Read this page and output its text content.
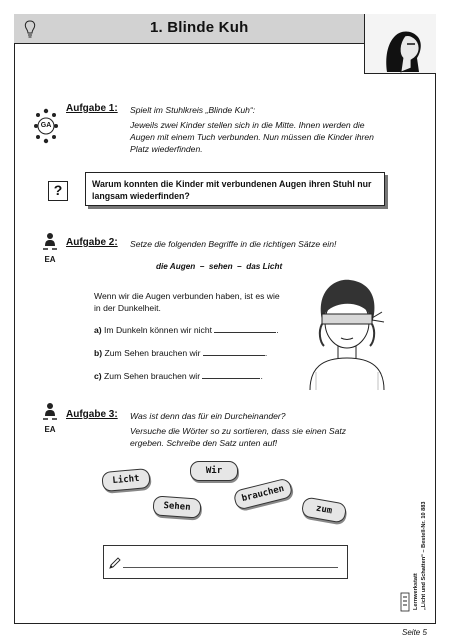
1. Blinde Kuh
GA
Aufgabe 1: Spielt im Stuhlkreis „Blinde Kuh“:
Jeweils zwei Kinder stellen sich in die Mitte. Ihnen werden die
Augen mit einem Tuch verbunden. Nun müssen die Kinder ihren
Platz wiederfinden.
?	Warum konnten die Kinder mit verbundenen Augen ihren Stuhl nur
langsam wiederfinden?
EA
Aufgabe 2: Setze die folgenden Begriffe in die richtigen Sätze ein!
die Augen  –  sehen  –  das Licht
Wenn wir die Augen verbunden haben, ist es wie
in der Dunkelheit.
a) Im Dunkeln können wir nicht	.
b) Zum Sehen brauchen wir	.
c) Zum Sehen brauchen wir	.
EA
Aufgabe 3: Was ist denn das für ein Durcheinander?
Versuche die Wörter so zu sortieren, dass sie einen Satz
ergeben. Schreibe den Satz unten auf!
Licht
Wir
Sehen
brauchen
zum
Lernwerkstatt „Licht und Schatten“ – Bestell-Nr. 10 883
Seite 5
